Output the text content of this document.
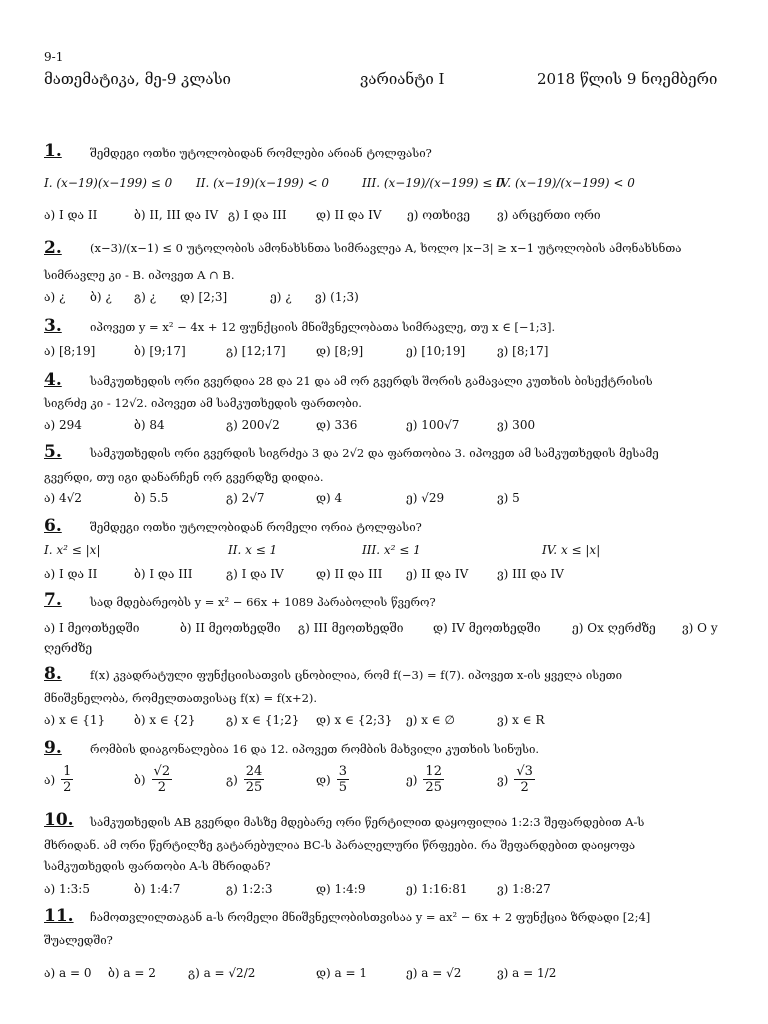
9-1
მათემატიკა, მე-9 კლასი	ვარიანტი I	2018 წლის 9 ნოემბერი
1. შემდეგი ოთხი უტოლობიდან რომლები არიან ტოლფასი?
I. (x−19)(x−199) ≤ 0 II. (x−19)(x−199) < 0	III. (x−19)/(x−199) ≤ 0
IV. (x−19)/(x−199) < 0
ა) I და II	ბ) II, III და IV გ) I და III დ) II და IV ე) ოთხივე ვ) არცერთი ორი
2. (x−3)/(x−1) ≤ 0 უტოლობის ამონახსნთა სიმრავლეა A, ხოლო |x−3| ≥ x−1 უტოლობის ამონახსნთა
სიმრავლე კი - B. იპოვეთ A ∩ B.
ა) ¿ ბ) ¿ გ) ¿ დ) [2;3]	ე) ¿ ვ) (1;3)
3. იპოვეთ y = x² − 4x + 12 ფუნქციის მნიშვნელობათა სიმრავლე, თუ x ∈ [−1;3].
ა) [8;19]	ბ) [9;17]	გ) [12;17]	დ) [8;9]	ე) [10;19]	ვ) [8;17]
4. სამკუთხედის ორი გვერდია 28 და 21 და ამ ორ გვერდს შორის გამავალი კუთხის ბისექტრისის
სიგრძე კი - 12√2. იპოვეთ ამ სამკუთხედის ფართობი.
ა) 294	ბ) 84	გ) 200√2	დ) 336	ე) 100√7	ვ) 300
5. სამკუთხედის ორი გვერდის სიგრძეა 3 და 2√2 და ფართობია 3. იპოვეთ ამ სამკუთხედის მესამე
გვერდი, თუ იგი დანარჩენ ორ გვერდზე დიდია.
ა) 4√2	ბ) 5.5	გ) 2√7	დ) 4	ე) √29	ვ) 5
6. შემდეგი ოთხი უტოლობიდან რომელი ორია ტოლფასი?
I. x² ≤ |x|	II. x ≤ 1	III. x² ≤ 1	IV. x ≤ |x|
ა) I და II	ბ) I და III	გ) I და IV	დ) II და III ე) II და IV ვ) III და IV
7. სად მდებარეობს y = x² − 66x + 1089 პარაბოლის წვერო?
ა) I მეოთხედში	ბ) II მეოთხედში გ) III მეოთხედში დ) IV მეოთხედში	ე) Ox ღერძზე ვ) O y
ღერძზე
8. f(x) კვადრატული ფუნქციისათვის ცნობილია, რომ f(−3) = f(7). იპოვეთ x-ის ყველა ისეთი
მნიშვნელობა, რომელთათვისაც f(x) = f(x+2).
ა) x ∈ {1} ბ) x ∈ {2}	გ) x ∈ {1;2} დ) x ∈ {2;3} ე) x ∈ ∅	ვ) x ∈ R
9. რომბის დიაგონალებია 16 და 12. იპოვეთ რომბის მახვილი კუთხის სინუსი.
ა) $\frac{1}{2}$	ბ) $\frac{√2}{2}$	გ) $\frac{24}{25}$	დ) $\frac{3}{5}$	ე) $\frac{12}{25}$	ვ) $\frac{√3}{2}$
10. სამკუთხედის AB გვერდი მასზე მდებარე ორი წერტილით დაყოფილია 1:2:3 შეფარდებით A-ს
მხრიდან. ამ ორი წერტილზე გატარებულია BC-ს პარალელური წრფეები. რა შეფარდებით დაიყოფა
სამკუთხედის ფართობი A-ს მხრიდან?
ა) 1:3:5	ბ) 1:4:7	გ) 1:2:3	დ) 1:4:9	ე) 1:16:81 ვ) 1:8:27
11. ჩამოთვლილთაგან a-ს რომელი მნიშვნელობისთვისაა y = ax² − 6x + 2 ფუნქცია ზრდადი [2;4]
შუალედში?
ა) a = 0 ბ) a = 2	გ) a = √2/2	დ) a = 1	ე) a = √2	ვ) a = 1/2
